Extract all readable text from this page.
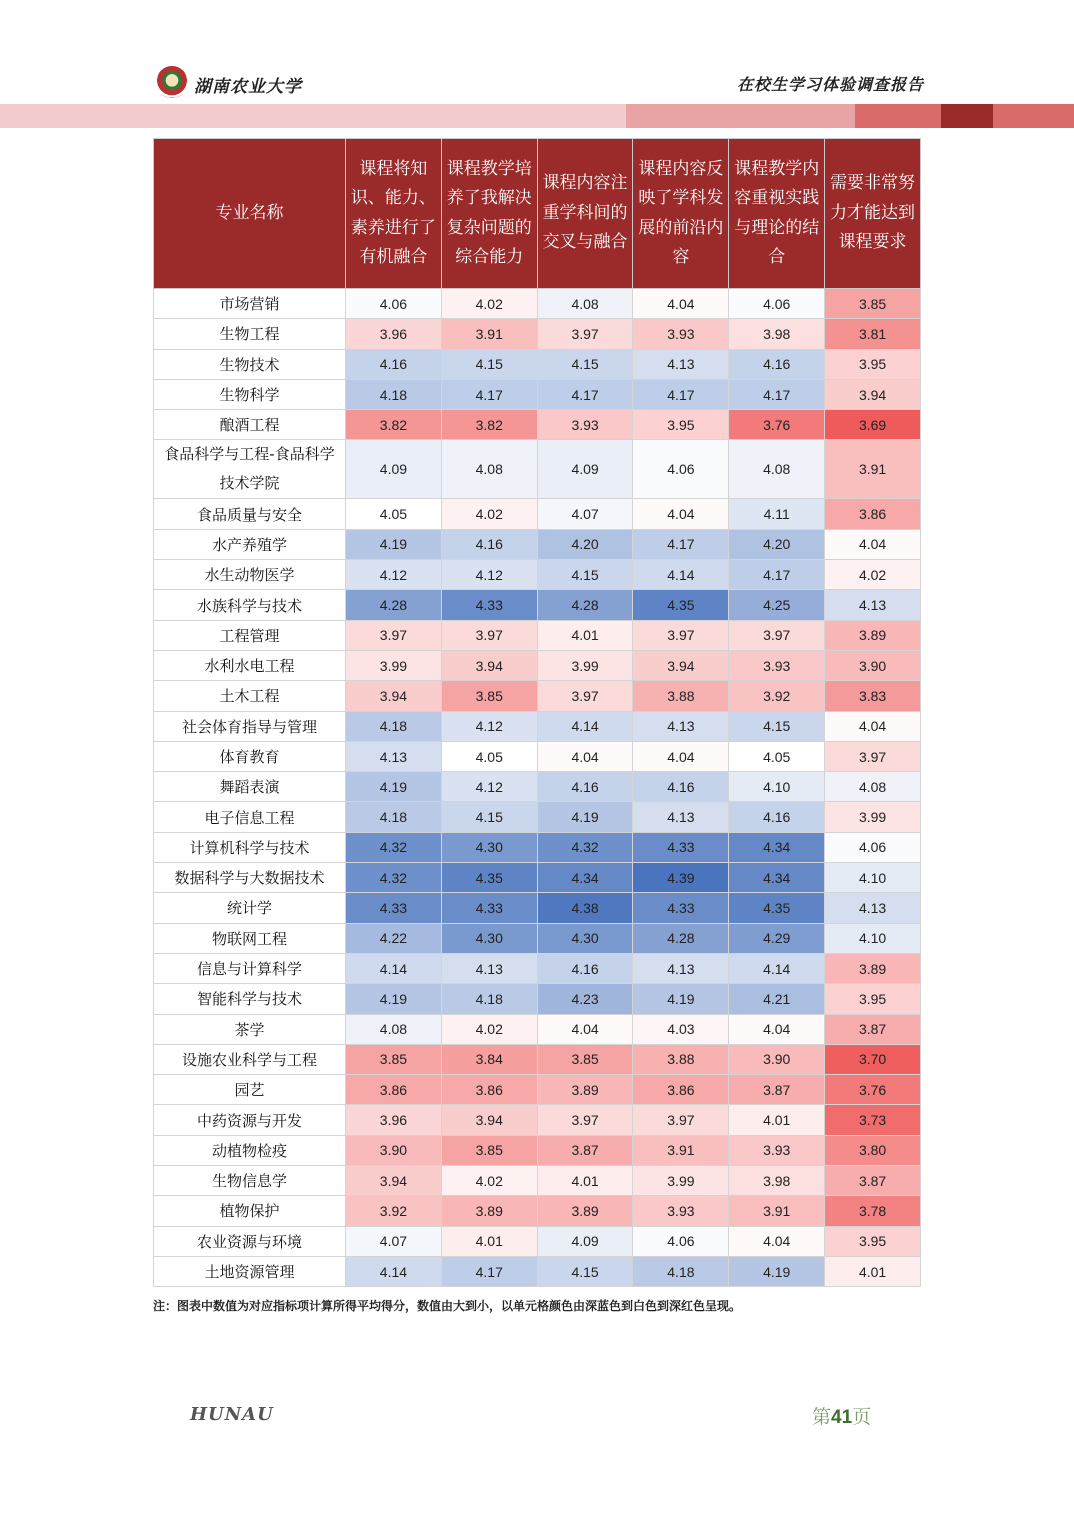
湖南农业大学	在校生学习体验调查报告
专业名称	课程将知识、能力、素养进行了有机融合	课程教学培养了我解决复杂问题的综合能力	课程内容注重学科间的交叉与融合	课程内容反映了学科发展的前沿内容	课程教学内容重视实践与理论的结合	需要非常努力才能达到课程要求
市场营销	4.06	4.02	4.08	4.04	4.06	3.85
生物工程	3.96	3.91	3.97	3.93	3.98	3.81
生物技术	4.16	4.15	4.15	4.13	4.16	3.95
生物科学	4.18	4.17	4.17	4.17	4.17	3.94
酿酒工程	3.82	3.82	3.93	3.95	3.76	3.69
食品科学与工程-食品科学技术学院	4.09	4.08	4.09	4.06	4.08	3.91
食品质量与安全	4.05	4.02	4.07	4.04	4.11	3.86
水产养殖学	4.19	4.16	4.20	4.17	4.20	4.04
水生动物医学	4.12	4.12	4.15	4.14	4.17	4.02
水族科学与技术	4.28	4.33	4.28	4.35	4.25	4.13
工程管理	3.97	3.97	4.01	3.97	3.97	3.89
水利水电工程	3.99	3.94	3.99	3.94	3.93	3.90
土木工程	3.94	3.85	3.97	3.88	3.92	3.83
社会体育指导与管理	4.18	4.12	4.14	4.13	4.15	4.04
体育教育	4.13	4.05	4.04	4.04	4.05	3.97
舞蹈表演	4.19	4.12	4.16	4.16	4.10	4.08
电子信息工程	4.18	4.15	4.19	4.13	4.16	3.99
计算机科学与技术	4.32	4.30	4.32	4.33	4.34	4.06
数据科学与大数据技术	4.32	4.35	4.34	4.39	4.34	4.10
统计学	4.33	4.33	4.38	4.33	4.35	4.13
物联网工程	4.22	4.30	4.30	4.28	4.29	4.10
信息与计算科学	4.14	4.13	4.16	4.13	4.14	3.89
智能科学与技术	4.19	4.18	4.23	4.19	4.21	3.95
茶学	4.08	4.02	4.04	4.03	4.04	3.87
设施农业科学与工程	3.85	3.84	3.85	3.88	3.90	3.70
园艺	3.86	3.86	3.89	3.86	3.87	3.76
中药资源与开发	3.96	3.94	3.97	3.97	4.01	3.73
动植物检疫	3.90	3.85	3.87	3.91	3.93	3.80
生物信息学	3.94	4.02	4.01	3.99	3.98	3.87
植物保护	3.92	3.89	3.89	3.93	3.91	3.78
农业资源与环境	4.07	4.01	4.09	4.06	4.04	3.95
土地资源管理	4.14	4.17	4.15	4.18	4.19	4.01
注：图表中数值为对应指标项计算所得平均得分，数值由大到小，以单元格颜色由深蓝色到白色到深红色呈现。
HUNAU	第41页
